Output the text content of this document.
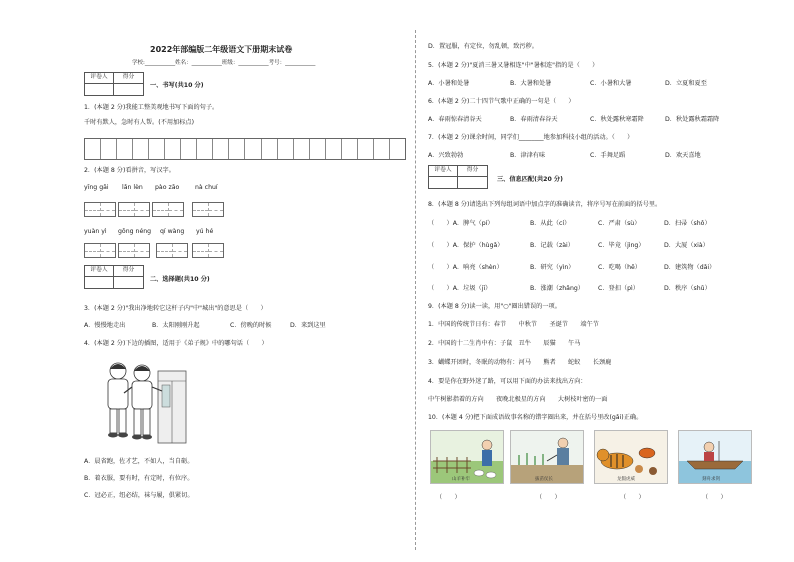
2022年部编版二年级语文下册期末试卷
学校:___________姓名：___________班级：___________考号：___________
评卷人	得分
一、书写(共10 分)
1．(本题 2 分)我能工整美观地书写下面的句子。
千时有默人，急时有人帮。(不用加标点)
2．(本题 8 分)看拼音，写汉字。
yīng gāi lǎn lèn pào zāo	nà chuí
yuàn yì gōng néng qí wàng yú hé
评卷人	得分
二、选择题(共10 分)
3．(本题 2 分)"我出净地转它这杆子内"中"城出"的意思是（　　）
A．慢慢地走出	B．太阳刚刚升起	C．傍晚的时候	D．来到这里
4．(本题 2 分)下边的插图，适用于《弟子规》中的哪句话（　　）
A．晨省跑，佐才艺，不如人，当自砺。
B．着衣服，要有时，有定时，有位序。
C．冠必正，纽必结，袜与履，俱紧切。
D．置冠服，有定位，勿乱顿，致污秽。
5．(本题 2 分)"夏消三暑又暑相连"中"暑相连"指的是（　　）
A．小暑和处暑	B．大暑和处暑	C．小暑和大暑	D．立夏和夏至
6．(本题 2 分)二十四节气歌中正确的一句是（　　）
A．春雨惊春清谷天	B．春雨清春谷天	C．秋处露秋寒霜降	D．秋处露秋霜霜降
7．(本题 2 分)课余时间，同学们________地参加科技小组的活动。（　　）
A．兴致勃勃	B．津津有味	C．手舞足蹈	D．欢天喜地
评卷人	得分
三、信息匹配(共20 分)
8．(本题 8 分)请选出下列每组词语中加点字的准确读音，将序号写在前面的括号里。
（　　）A．脾气（pí）	B．从此（cí）	C．严肃（sù）	D．扫帚（shǒ）
（　　）A．保护（hùgǎ）	B．记载（zài）	C．毕竟（jìng）	D．大厦（xià）
（　　）A．响亮（shèn）	B．研究（yìn）	C．吃喝（hē）	D．建筑物（dǎi）
（　　）A．垃圾（jī）	B．涨潮（zhǎng） C．登扣（pì）	D．秩序（shǔ）
9．(本题 8 分)读一读，用"○"圈出错误的一项。
1．中国的传统节日有：春节　　中秋节　　圣诞节　　端午节
2．中国的十二生肖中有：子鼠　丑牛　　辰猫　　午马
3．蝴蝶开团时，冬眠的动物有：河马　　熊者　　蛇蚁　　长颈鹿
4．要是你在野外迷了路，可以用下面的办法来找出方向：
中午树影指着的方向　　夜晚北极星的方向　　大树枝叶密的一面
10．(本题 4 分)把下面成语故事名称的错字圈出来，并在括号里改(gǎi)正确。
山羊补牢	拔苗仗长	龙假虎威	刻舟求剑
（　　）	（　　）	（　　）	（　　）
